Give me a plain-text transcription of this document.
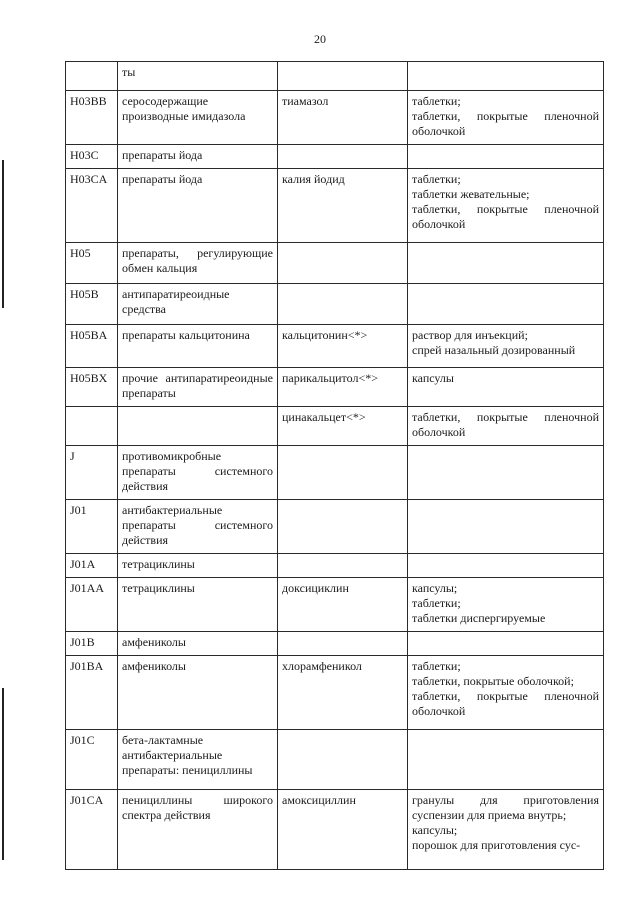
20
	ты		
H03BB	серосодержащие производные имидазола	тиамазол	таблетки;
таблетки, покрытые пленочной оболочкой

H03C	препараты йода		
H03CA	препараты йода	калия йодид	таблетки;
таблетки жевательные;
таблетки, покрытые пленочной оболочкой

H05	препараты, регулирующие обмен кальция		
H05B	антипаратиреоидные средства		
H05BA	препараты кальцитонина	кальцитонин<*>	раствор для инъекций;
спрей назальный дозированный

H05BX	прочие антипаратиреоидные препараты	парикальцитол<*>	капсулы

		цинакальцет<*>	таблетки, покрытые пленочной оболочкой

J	противомикробные препараты системного действия		
J01	антибактериальные препараты системного действия		
J01A	тетрациклины		
J01AA	тетрациклины	доксициклин	капсулы;
таблетки;
таблетки диспергируемые

J01B	амфениколы		
J01BA	амфениколы	хлорамфеникол	таблетки;
таблетки, покрытые оболочкой;
таблетки, покрытые пленочной оболочкой

J01C	бета-лактамные антибактериальные препараты: пенициллины		
J01CA	пенициллины широкого спектра действия	амоксициллин	гранулы для приготовления суспензии для приема внутрь;
капсулы;
порошок для приготовления сус-
